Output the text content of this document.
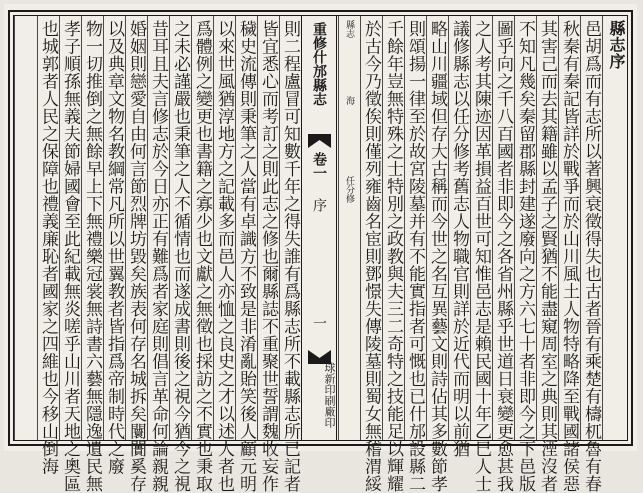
則二程盧冒可知數千年之得失誰有爲縣志所不載縣志所已記者
皆宜悉心而考訂之則此志之修也爾縣誌不重聚世誓謂魏收妄作
穢史流傳則秉筆之人當有卓識方不致是非淆亂貽笑後人顧元明
以來世風猶淳地方之記載多而邑人亦恤之良史之才以述人者也
爲體例之變更也書籍之寡少也文獻之無徵也採訪之不實也秉取
之未必謹嚴也秉筆之人不循情也而遂成書則後之視今猶今之視
昔耳且夫言修志於今日亦正有難爲者家庭則倡言革命何論親親
婚姻則戀愛自由何言節烈牌坊毀矣族表何存名城拆矣闤闠奚存
以及典章文物名教綱常凡所以世翼教者皆指爲帝制時代之廢
物一切推倒之無餘早上下無禮樂冠裳無詩書六藝無隱逸遺民無
孝子順孫無義夫節婦國會至此紀載無炎嗟乎山川者天地之奧區
也城郭者人民之保障也禮義廉恥者國家之四維也今移山倒海	重修什邡縣志
卷一
序
一
球新印刷廠印
縣志序
邑胡爲而有志所以著興衰徵得失也古者晉有乘楚有檮杌魯有春
秋秦有秦記皆詳於戰爭而於山川風土人物特略降至戰國諸侯惡
其害己而去其籍雖以孟子之賢猶不能盡窺周室之典則其湮沒者
不知凡幾矣秦留郡縣封建遂廢向之方六七十者非即今之下邑版
圖乎向之千八百國者非即今之各省州縣乎世道日衰變更愈甚我
之人考其陳迹因革損益百世可知惟邑志是賴民國十年乙巳人士
議修縣志以任分修考舊志人物職官則詳於近代而明以前猶
略山川疆域但存大古稱而今世之名互異藝文則詩佔其多數節孝
則頌揚一律至於故宮陵墓并有不能實指者可慨也已什邡設縣二
千餘年豈無特殊之士特別之政教與夫三二奇特之技能足以輝耀
於古今乃徵俟則僅列雍齒名宦則鄧憬失傳陵墓則蜀女無稽渭綏
縣志
海
任分修
